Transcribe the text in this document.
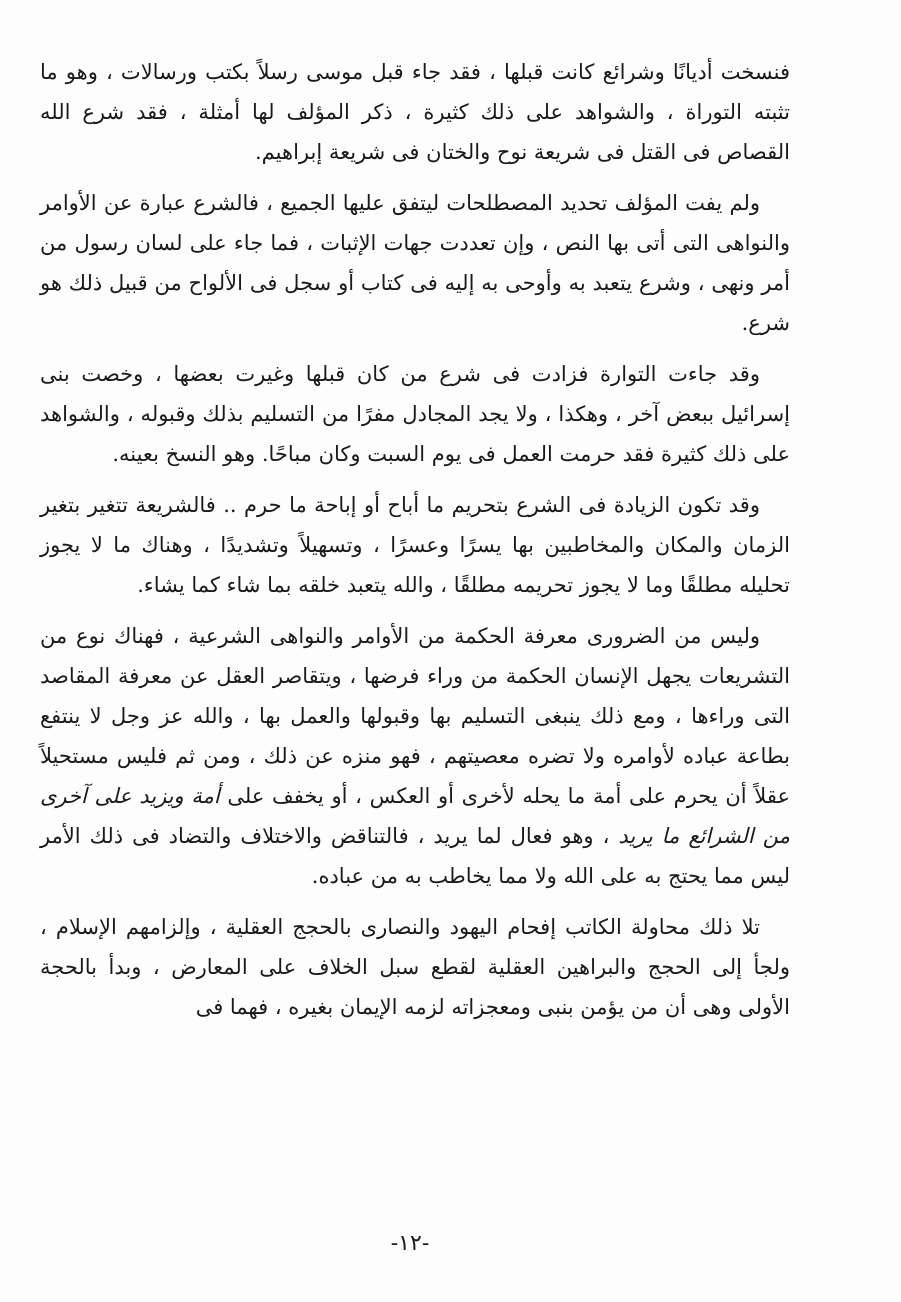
فنسخت أديانًا وشرائع كانت قبلها ، فقد جاء قبل موسى رسلاً بكتب ورسالات ، وهو ما تثبته التوراة ، والشواهد على ذلك كثيرة ، ذكر المؤلف لها أمثلة ، فقد شرع الله القصاص فى القتل فى شريعة نوح والختان فى شريعة إبراهيم.

ولم يفت المؤلف تحديد المصطلحات ليتفق عليها الجميع ، فالشرع عبارة عن الأوامر والنواهى التى أتى بها النص ، وإن تعددت جهات الإثبات ، فما جاء على لسان رسول من أمر ونهى ، وشرع يتعبد به وأوحى به إليه فى كتاب أو سجل فى الألواح من قبيل ذلك هو شرع.

وقد جاءت التوارة فزادت فى شرع من كان قبلها وغيرت بعضها ، وخصت بنى إسرائيل ببعض آخر ، وهكذا ، ولا يجد المجادل مفرًا من التسليم بذلك وقبوله ، والشواهد على ذلك كثيرة فقد حرمت العمل فى يوم السبت وكان مباحًا. وهو النسخ بعينه.

وقد تكون الزيادة فى الشرع بتحريم ما أباح أو إباحة ما حرم .. فالشريعة تتغير بتغير الزمان والمكان والمخاطبين بها يسرًا وعسرًا ، وتسهيلاً وتشديدًا ، وهناك ما لا يجوز تحليله مطلقًا وما لا يجوز تحريمه مطلقًا ، والله يتعبد خلقه بما شاء كما يشاء.

وليس من الضرورى معرفة الحكمة من الأوامر والنواهى الشرعية ، فهناك نوع من التشريعات يجهل الإنسان الحكمة من وراء فرضها ، ويتقاصر العقل عن معرفة المقاصد التى وراءها ، ومع ذلك ينبغى التسليم بها وقبولها والعمل بها ، والله عز وجل لا ينتفع بطاعة عباده لأوامره ولا تضره معصيتهم ، فهو منزه عن ذلك ، ومن ثم فليس مستحيلاً عقلاً أن يحرم على أمة ما يحله لأخرى أو العكس ، أو يخفف على أمة ويزيد على آخرى من الشرائع ما يريد ، وهو فعال لما يريد ، فالتناقض والاختلاف والتضاد فى ذلك الأمر ليس مما يحتج به على الله ولا مما يخاطب به من عباده.

تلا ذلك محاولة الكاتب إفحام اليهود والنصارى بالحجج العقلية ، وإلزامهم الإسلام ، ولجأ إلى الحجج والبراهين العقلية لقطع سبل الخلاف على المعارض ، وبدأ بالحجة الأولى وهى أن من يؤمن بنبى ومعجزاته لزمه الإيمان بغيره ، فهما فى

-١٢-
